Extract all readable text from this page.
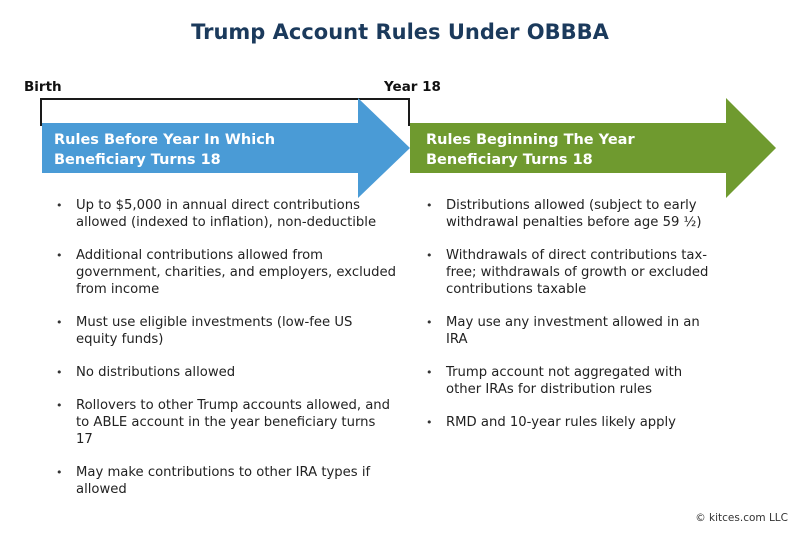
Trump Account Rules Under OBBBA
Birth	Year 18
Rules Before Year In Which
Beneficiary Turns 18
Rules Beginning The Year
Beneficiary Turns 18
• Up to $5,000 in annual direct contributions allowed (indexed to inflation), non-deductible
• Additional contributions allowed from government, charities, and employers, excluded from income
• Must use eligible investments (low-fee US equity funds)
• No distributions allowed
• Rollovers to other Trump accounts allowed, and to ABLE account in the year beneficiary turns 17
• May make contributions to other IRA types if allowed
• Distributions allowed (subject to early withdrawal penalties before age 59 ½)
• Withdrawals of direct contributions tax-free; withdrawals of growth or excluded contributions taxable
• May use any investment allowed in an IRA
• Trump account not aggregated with other IRAs for distribution rules
• RMD and 10-year rules likely apply
© kitces.com LLC
